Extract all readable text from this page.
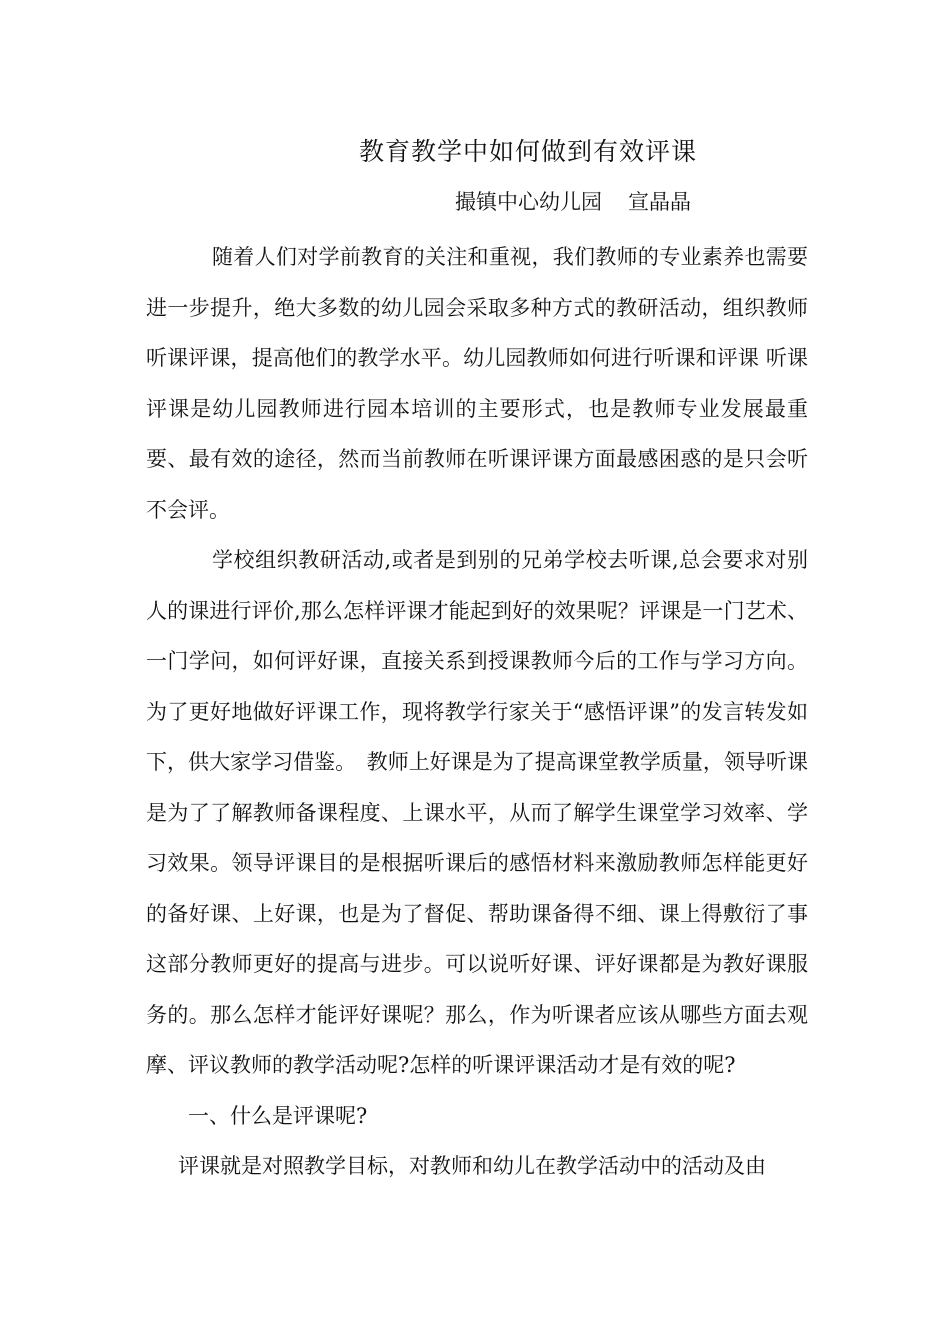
教育教学中如何做到有效评课
撮镇中心幼儿园 宣晶晶

随着人们对学前教育的关注和重视，我们教师的专业素养也需要进一步提升，绝大多数的幼儿园会采取多种方式的教研活动，组织教师听课评课，提高他们的教学水平。幼儿园教师如何进行听课和评课 听课评课是幼儿园教师进行园本培训的主要形式，也是教师专业发展最重要、最有效的途径，然而当前教师在听课评课方面最感困惑的是只会听不会评。

学校组织教研活动,或者是到别的兄弟学校去听课,总会要求对别人的课进行评价,那么怎样评课才能起到好的效果呢？评课是一门艺术、一门学问，如何评好课，直接关系到授课教师今后的工作与学习方向。为了更好地做好评课工作，现将教学行家关于“感悟评课”的发言转发如下，供大家学习借鉴。　教师上好课是为了提高课堂教学质量，领导听课是为了了解教师备课程度、上课水平，从而了解学生课堂学习效率、学习效果。领导评课目的是根据听课后的感悟材料来激励教师怎样能更好的备好课、上好课，也是为了督促、帮助课备得不细、课上得敷衍了事这部分教师更好的提高与进步。可以说听好课、评好课都是为教好课服务的。那么怎样才能评好课呢？那么，作为听课者应该从哪些方面去观摩、评议教师的教学活动呢?怎样的听课评课活动才是有效的呢?

一、什么是评课呢?

评课就是对照教学目标，对教师和幼儿在教学活动中的活动及由
